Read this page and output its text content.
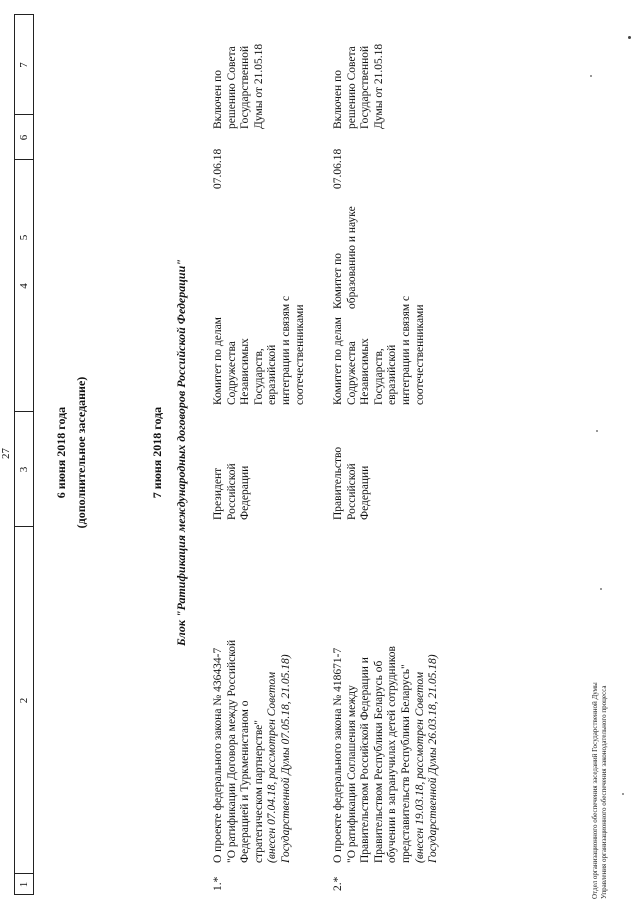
27
1
2
3
4
5
6
7
6 июня 2018 года (дополнительное заседание)	7 июня 2018 года Блок "Ратификация международных договоров Российской Федерации"
1.*
О проекте федерального закона № 436434-7 "О ратификации Договора между Российской Федерацией и Туркменистаном о стратегическом партнерстве" (внесен 07.04.18, рассмотрен Советом Государственной Думы 07.05.18, 21.05.18)
Президент Российской Федерации
Комитет по делам Содружества Независимых Государств, евразийской интеграции и связям с соотечественниками
07.06.18
Включен по решению Совета Государственной Думы от 21.05.18
2.*
О проекте федерального закона № 418671-7 "О ратификации Соглашения между Правительством Российской Федерации и Правительством Республики Беларусь об обучении в загранучилах детей сотрудников представительств Республики Беларусь" (внесен 19.03.18, рассмотрен Советом Государственной Думы 26.03.18, 21.05.18)
Правительство Российской Федерации
Комитет по делам Содружества Независимых Государств, евразийской интеграции и связям с соотечественниками
Комитет по образованию и науке
07.06.18
Включен по решению Совета Государственной Думы от 21.05.18
Отдел организационного обеспечения заседаний Государственной Думы Управления организационного обеспечения законодательного процесса
